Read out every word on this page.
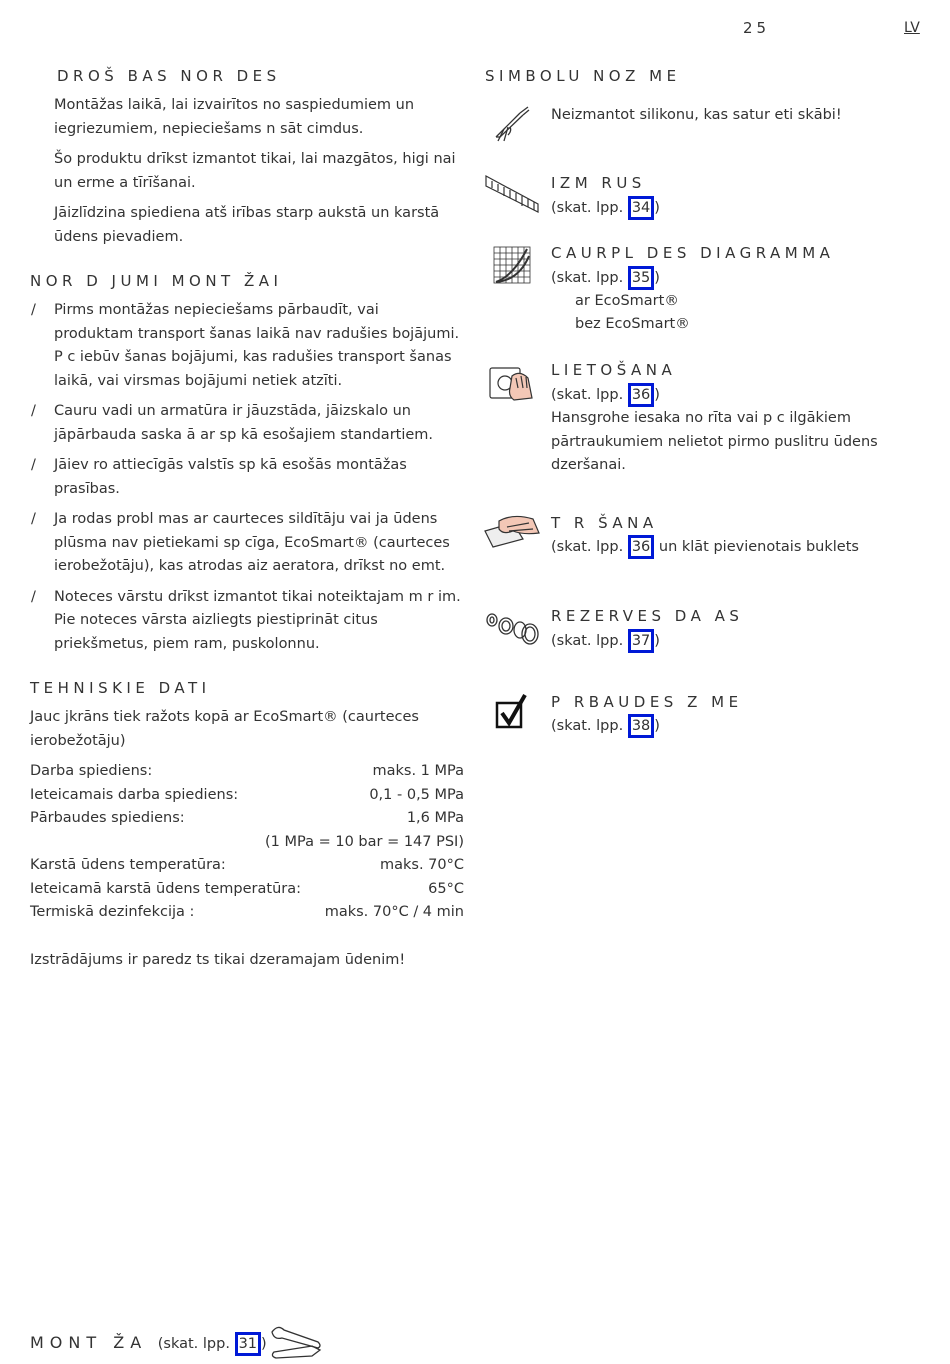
25	LV
DROŠ BAS NOR DES
Montāžas laikā, lai izvairītos no saspiedumiem un iegriezumiem, nepieciešams n sāt cimdus.
Šo produktu drīkst izmantot tikai, lai mazgātos, higi nai un erme a tīrīšanai.
Jāizlīdzina spiediena atš irības starp aukstā un karstā ūdens pievadiem.
NOR D JUMI MONT ŽAI
/ Pirms montāžas nepieciešams pārbaudīt, vai produktam transport šanas laikā nav radušies bojājumi. P c iebūv šanas bojājumi, kas radušies transport šanas laikā, vai virsmas bojājumi netiek atzīti.
/ Cauru vadi un armatūra ir jāuzstāda, jāizskalo un jāpārbauda saska ā ar sp kā esošajiem standartiem.
/ Jāiev ro attiecīgās valstīs sp kā esošās montāžas prasības.
/ Ja rodas probl mas ar caurteces sildītāju vai ja ūdens plūsma nav pietiekami sp cīga, EcoSmart® (caurteces ierobežotāju), kas atrodas aiz aeratora, drīkst no emt.
/ Noteces vārstu drīkst izmantot tikai noteiktajam m r im. Pie noteces vārsta aizliegts piestiprināt citus priekšmetus, piem ram, puskolonnu.
TEHNISKIE DATI
Jauc jkrāns tiek ražots kopā ar EcoSmart® (caurteces ierobežotāju)
Darba spiediens:	maks. 1 MPa
Ieteicamais darba spiediens:	0,1 - 0,5 MPa
Pārbaudes spiediens:	1,6 MPa
(1 MPa = 10 bar = 147 PSI)
Karstā ūdens temperatūra:	maks. 70°C
Ieteicamā karstā ūdens temperatūra:	65°C
Termiskā dezinfekcija :	maks. 70°C / 4 min
Izstrādājums ir paredz ts tikai dzeramajam ūdenim!
SIMBOLU NOZ ME
Neizmantot silikonu, kas satur eti skābi!
IZM RUS
(skat. lpp. 34 )
CAURPL DES DIAGRAMMA
(skat. lpp. 35 )
ar EcoSmart®
bez EcoSmart®
LIETOŠANA
(skat. lpp. 36 )
Hansgrohe iesaka no rīta vai p c ilgākiem pārtraukumiem nelietot pirmo puslitru ūdens dzeršanai.
T R ŠANA
(skat. lpp. 36 un klāt pievienotais buklets
REZERVES DA AS
(skat. lpp. 37 )
P RBAUDES Z ME
(skat. lpp. 38 )
MONT ŽA (skat. lpp. 31 )
